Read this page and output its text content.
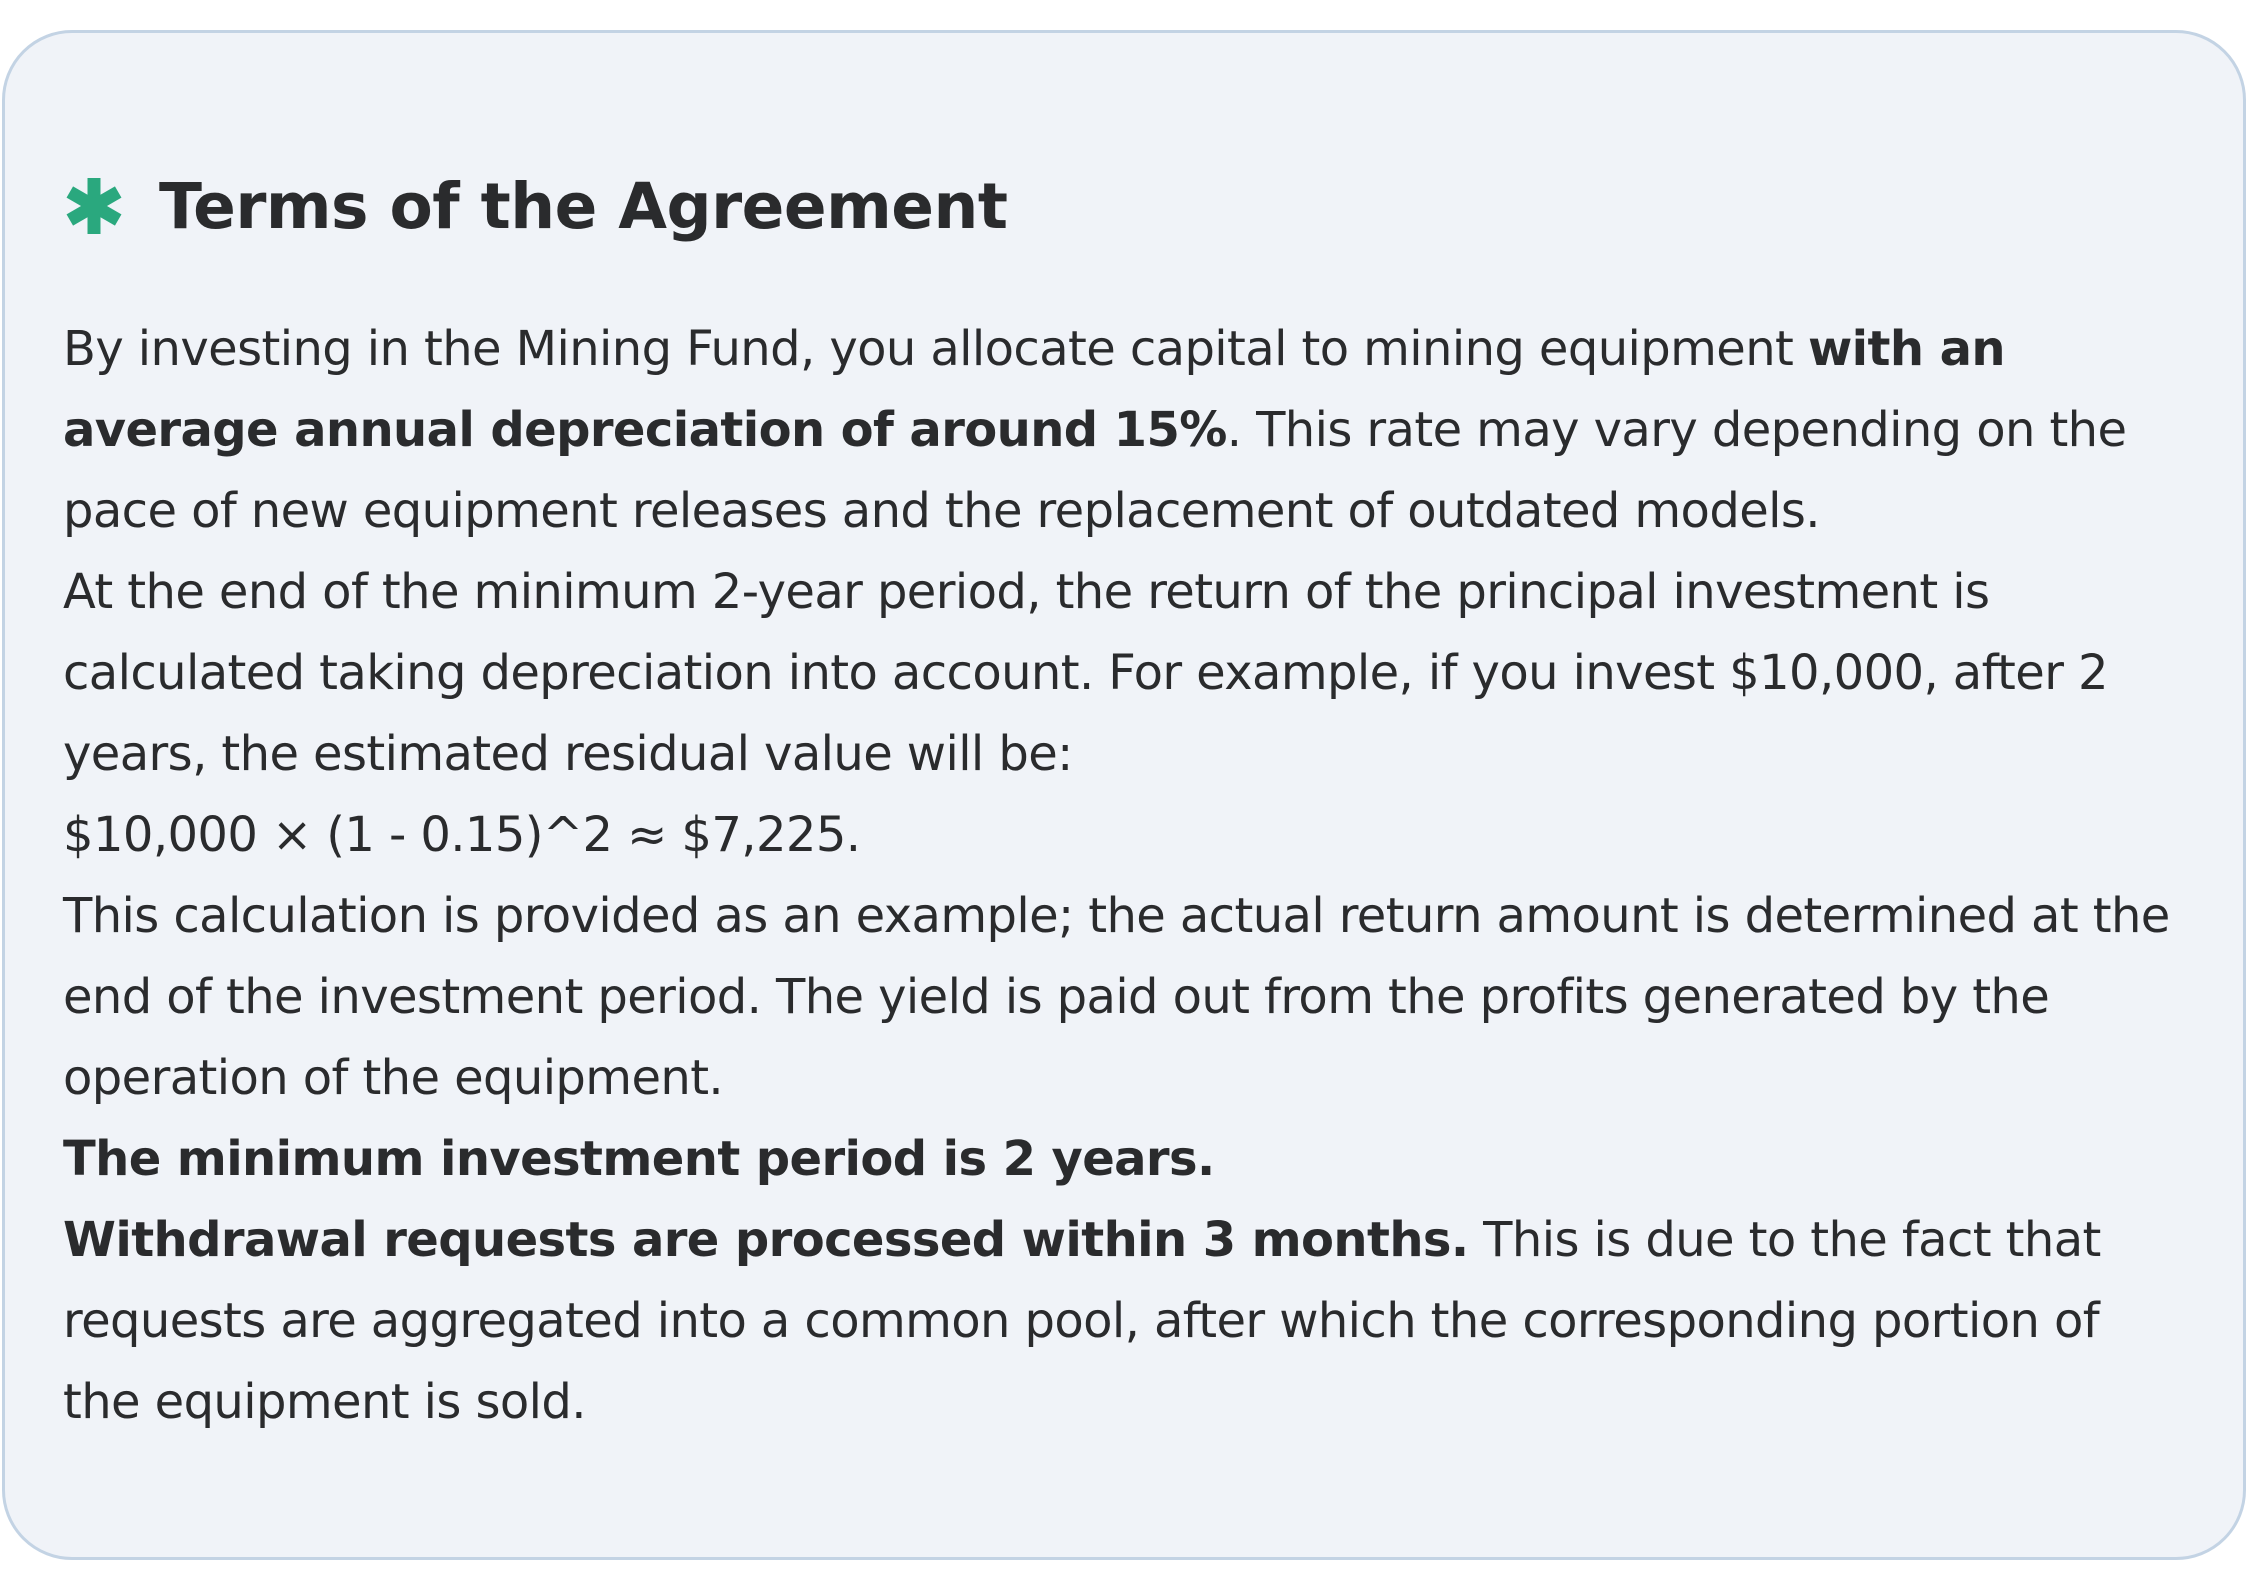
Terms of the Agreement

By investing in the Mining Fund, you allocate capital to mining equipment with an average annual depreciation of around 15%. This rate may vary depending on the pace of new equipment releases and the replacement of outdated models.

At the end of the minimum 2-year period, the return of the principal investment is calculated taking depreciation into account. For example, if you invest $10,000, after 2 years, the estimated residual value will be:

$10,000 × (1 - 0.15)^2 ≈ $7,225.

This calculation is provided as an example; the actual return amount is determined at the end of the investment period. The yield is paid out from the profits generated by the operation of the equipment.

The minimum investment period is 2 years.

Withdrawal requests are processed within 3 months. This is due to the fact that requests are aggregated into a common pool, after which the corresponding portion of the equipment is sold.
